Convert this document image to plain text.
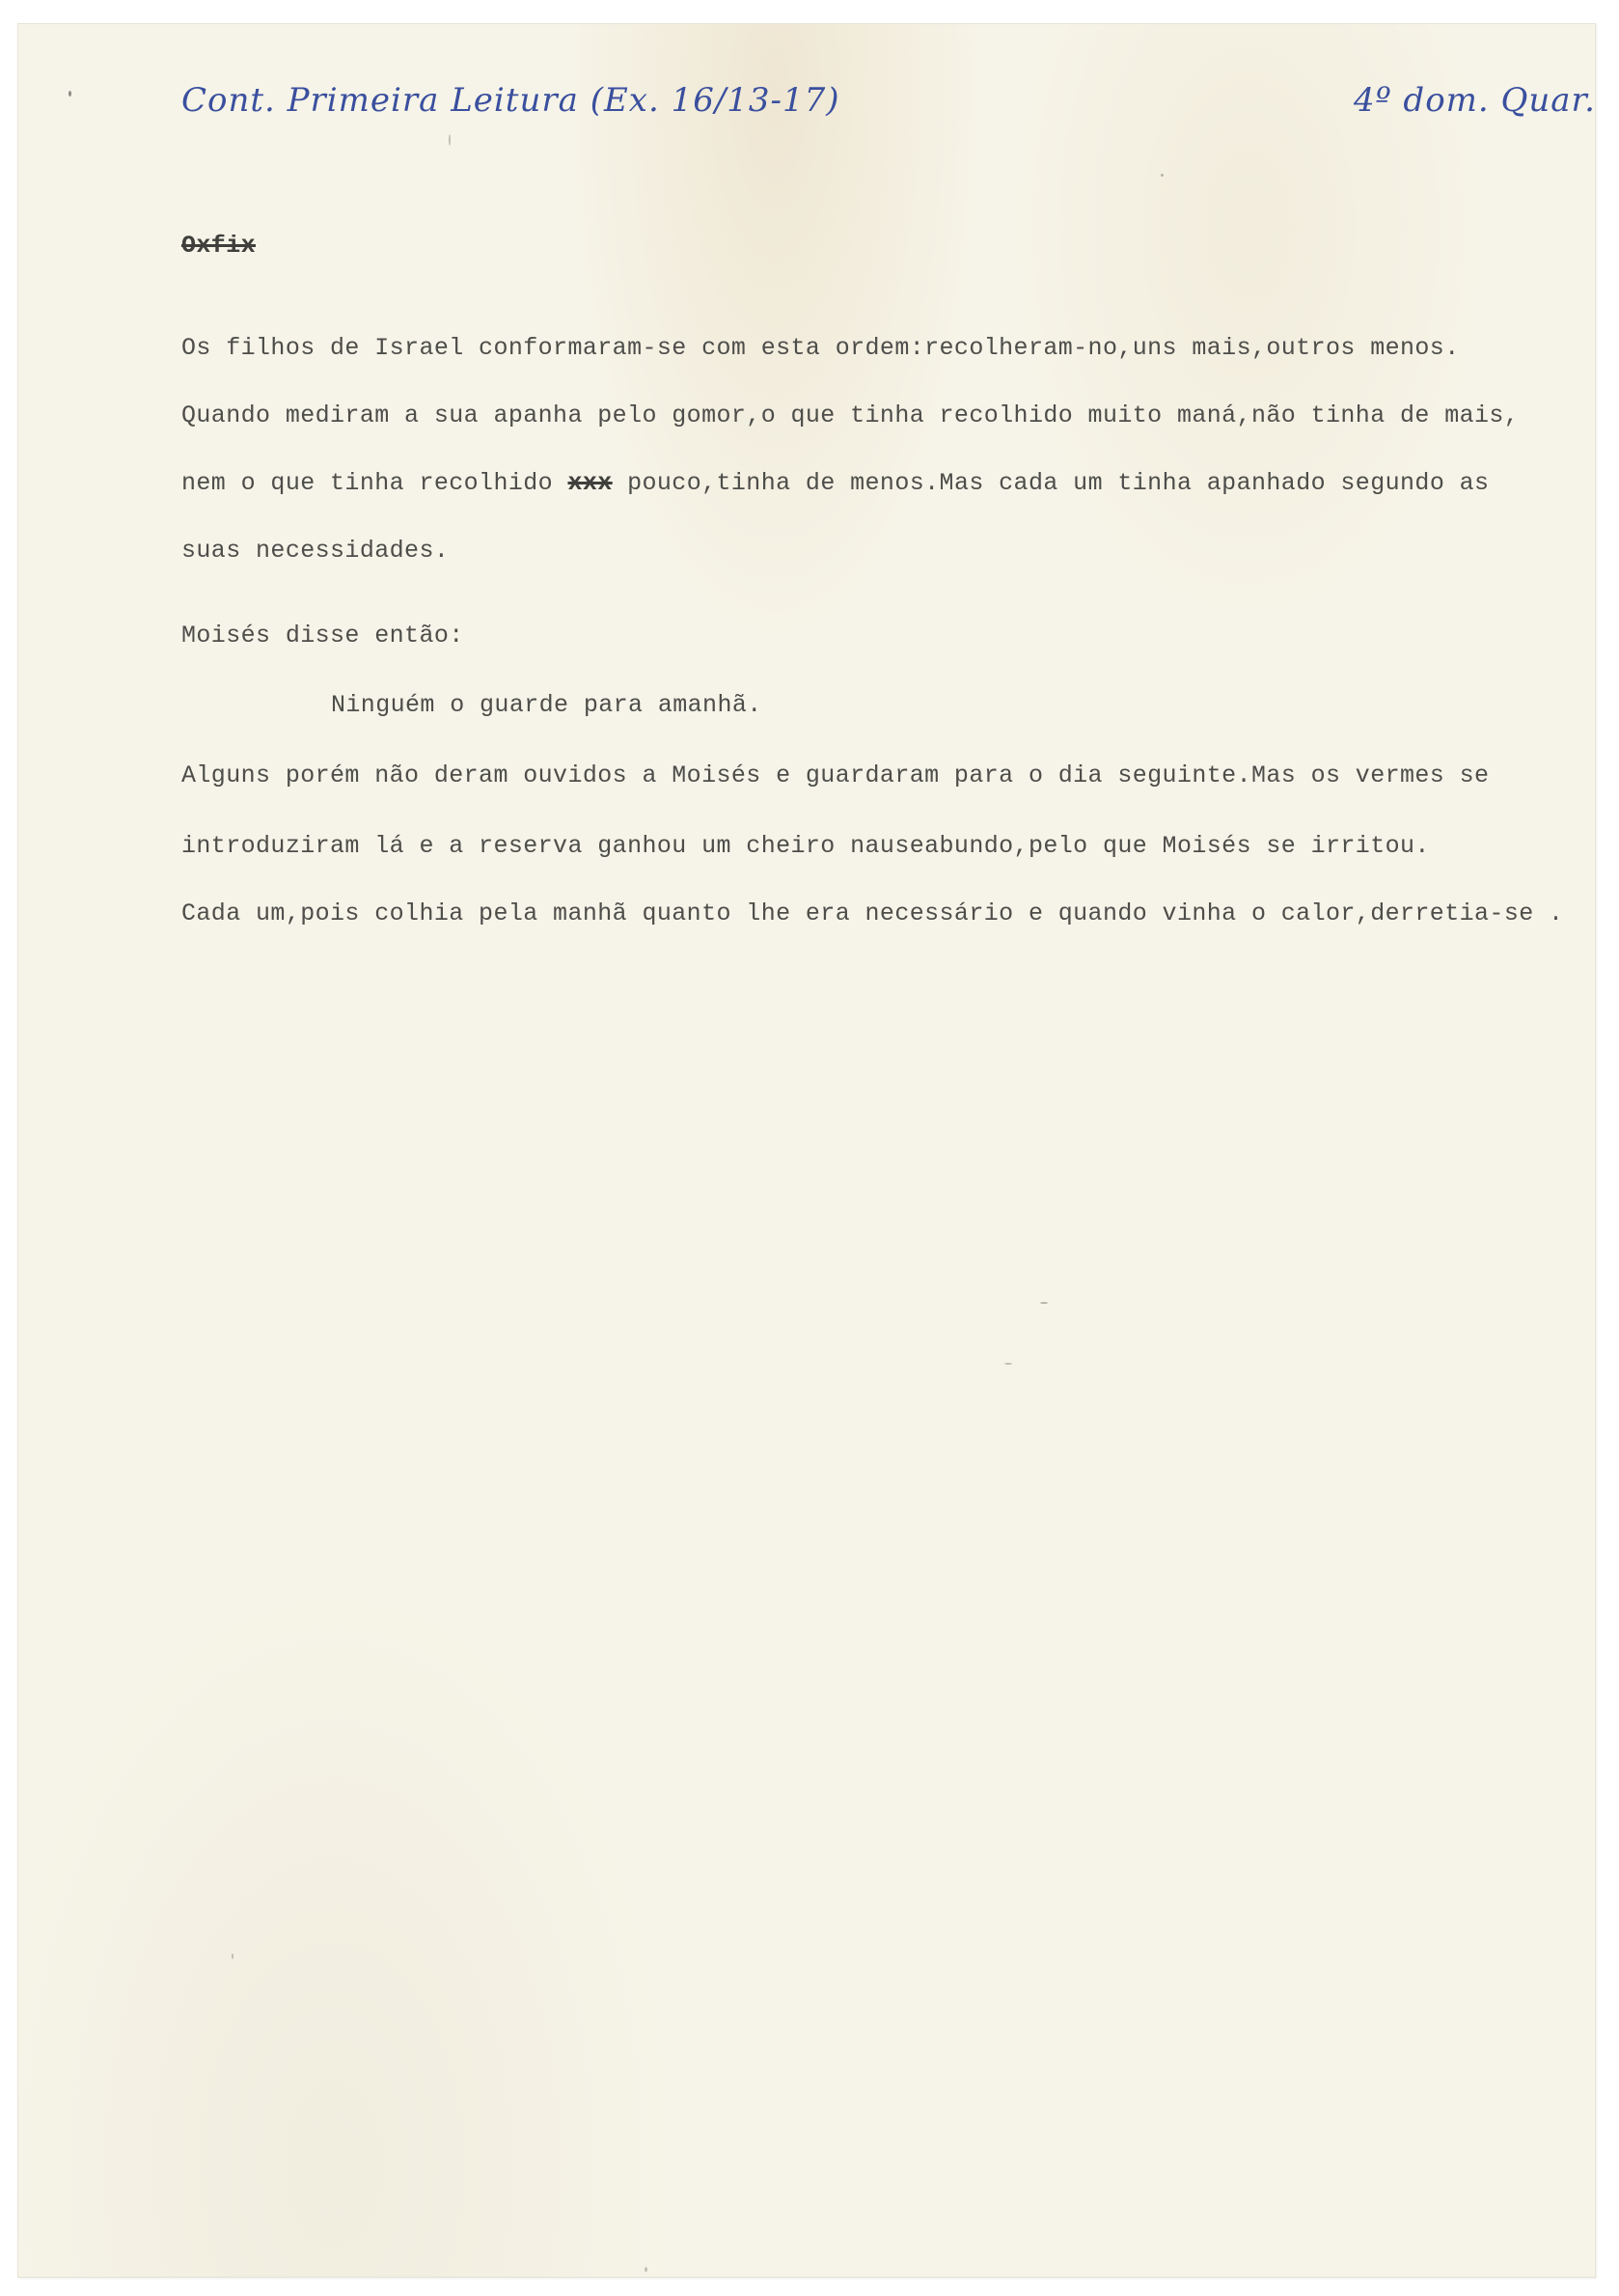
Cont. Primeira Leitura (Ex. 16/13-17)	4º dom. Quar.
Oxfix
Os filhos de Israel conformaram-se com esta ordem:recolheram-no,uns mais,outros menos.
Quando mediram a sua apanha pelo gomor,o que tinha recolhido muito maná,não tinha de mais,
nem o que tinha recolhido xxx pouco,tinha de menos.Mas cada um tinha apanhado segundo as
suas necessidades.
Moisés disse então:
Ninguém o guarde para amanhã.
Alguns porém não deram ouvidos a Moisés e guardaram para o dia seguinte.Mas os vermes se
introduziram lá e a reserva ganhou um cheiro nauseabundo,pelo que Moisés se irritou.
Cada um,pois colhia pela manhã quanto lhe era necessário e quando vinha o calor,derretia-se .
